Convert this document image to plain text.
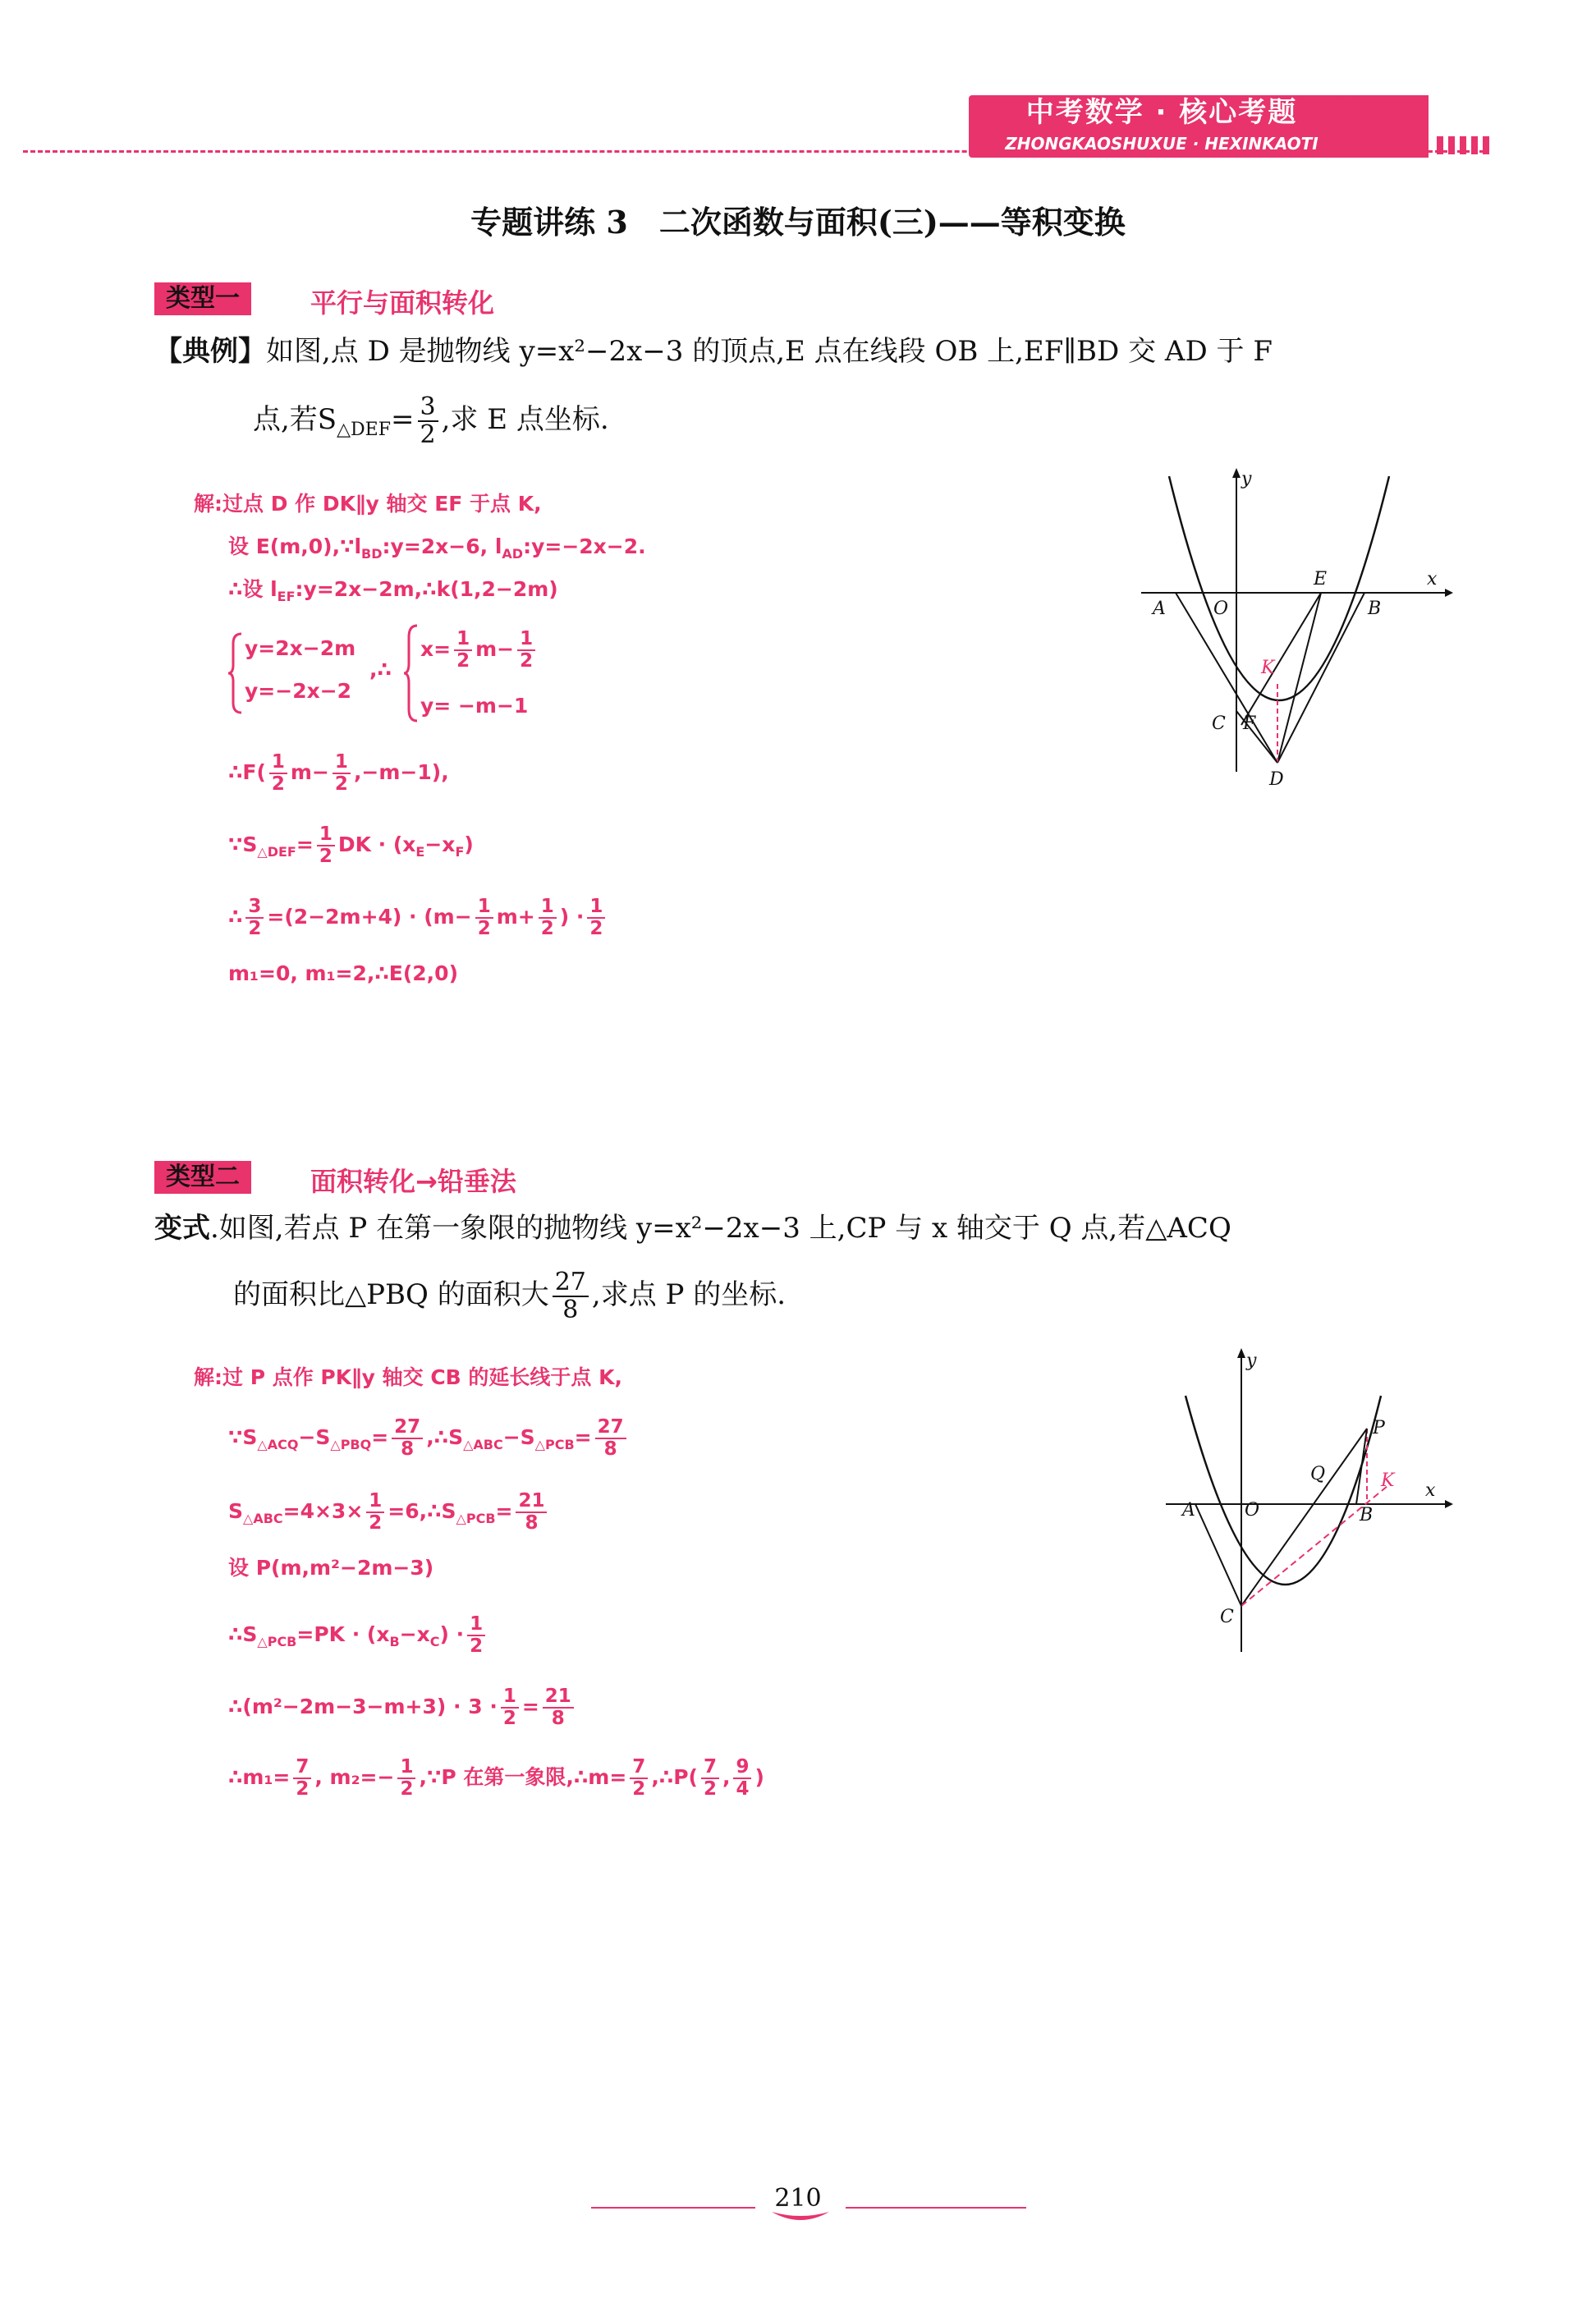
中考数学 · 核心考题
ZHONGKAOSHUXUE · HEXINKAOTI
专题讲练 3　二次函数与面积(三)——等积变换
类型一	平行与面积转化
【典例】如图,点 D 是抛物线 y=x²−2x−3 的顶点,E 点在线段 OB 上,EF∥BD 交 AD 于 F
点,若$S_{\triangle DEF}= \frac{3}{2}$ ,求 E 点坐标.
解:过点 D 作 DK∥y 轴交 EF 于点 K,
设 $E(m,0),\because l_{BD}:y=2x-6$, $l_{AD}:y=-2x-2$.
∴设 $l_{EF}:y=2x-2m,\therefore k(1,2-2m)$
y=2x−2m
y=−2x−2
,∴
$x= \frac{1}{2} m- \frac{1}{2}$
y= −m−1
∴F( $\frac{1}{2} m- \frac{1}{2} ,-m-1$),
$\because S_{\triangle DEF}= \frac{1}{2}$ DK · $(x_E-x_F)$
∴ $\frac{3}{2} =(2-2m+4) \cdot (m- \frac{1}{2} m+ \frac{1}{2}$ ) · $\frac{1}{2}$
m₁=0, m₁=2,∴E(2,0)
y
x
A	O
E
B
K
C F
D
类型二	面积转化→铅垂法
变式.如图,若点 P 在第一象限的抛物线 y=x²−2x−3 上,CP 与 x 轴交于 Q 点,若△ACQ
的面积比△PBQ 的面积大 $\frac{27}{8}$ ,求点 P 的坐标.
解:过 P 点作 PK∥y 轴交 CB 的延长线于点 K,
$\because S_{\triangle ACQ}-S_{\triangle PBQ}= \frac{27}{8}$ $,\therefore S_{\triangle ABC}-S_{\triangle PCB}= \frac{27}{8}$
$S_{\triangle ABC}=4\times 3\times \frac{1}{2}$ $=6,\therefore S_{\triangle PCB}= \frac{21}{8}$
设 P(m,m²−2m−3)
$\therefore S_{\triangle PCB}=PK \cdot (x_B-x_C) \cdot \frac{1}{2}$
∴(m²−2m−3−m+3) · $3 \cdot \frac{1}{2} = \frac{21}{8}$
∴m₁= $\frac{7}{2}$ , $m_2=- \frac{1}{2}$ ,∵P 在第一象限,∴m= $\frac{7}{2}$ ,∴P( $\frac{7}{2}$ , $\frac{9}{4}$ )
y
x
A	O	B
P
Q	K
C
210
